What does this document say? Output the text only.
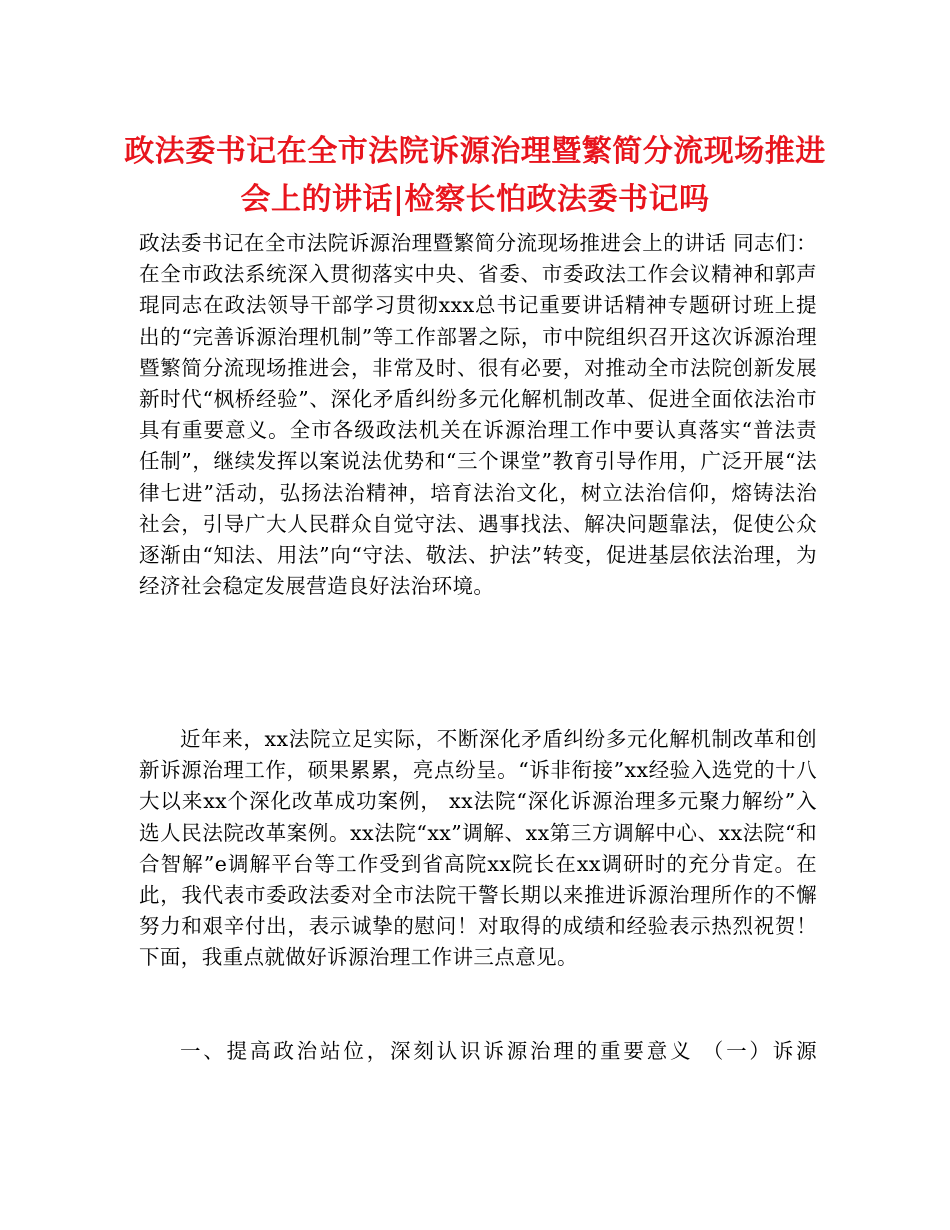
政法委书记在全市法院诉源治理暨繁简分流现场推进会上的讲话|检察长怕政法委书记吗

政法委书记在全市法院诉源治理暨繁简分流现场推进会上的讲话 同志们： 在全市政法系统深入贯彻落实中央、省委、市委政法工作会议精神和郭声琨同志在政法领导干部学习贯彻xxx总书记重要讲话精神专题研讨班上提出的“完善诉源治理机制”等工作部署之际，市中院组织召开这次诉源治理暨繁简分流现场推进会，非常及时、很有必要，对推动全市法院创新发展新时代“枫桥经验”、深化矛盾纠纷多元化解机制改革、促进全面依法治市具有重要意义。全市各级政法机关在诉源治理工作中要认真落实“普法责任制”，继续发挥以案说法优势和“三个课堂”教育引导作用，广泛开展“法律七进”活动，弘扬法治精神，培育法治文化，树立法治信仰，熔铸法治社会，引导广大人民群众自觉守法、遇事找法、解决问题靠法，促使公众逐渐由“知法、用法”向“守法、敬法、护法”转变，促进基层依法治理，为经济社会稳定发展营造良好法治环境。

近年来，xx法院立足实际，不断深化矛盾纠纷多元化解机制改革和创新诉源治理工作，硕果累累，亮点纷呈。“诉非衔接”xx经验入选党的十八大以来xx个深化改革成功案例， xx法院“深化诉源治理多元聚力解纷”入选人民法院改革案例。xx法院“xx”调解、xx第三方调解中心、xx法院“和合智解”e调解平台等工作受到省高院xx院长在xx调研时的充分肯定。在此，我代表市委政法委对全市法院干警长期以来推进诉源治理所作的不懈努力和艰辛付出，表示诚挚的慰问！对取得的成绩和经验表示热烈祝贺！下面，我重点就做好诉源治理工作讲三点意见。

一、提高政治站位，深刻认识诉源治理的重要意义 （一）诉源
